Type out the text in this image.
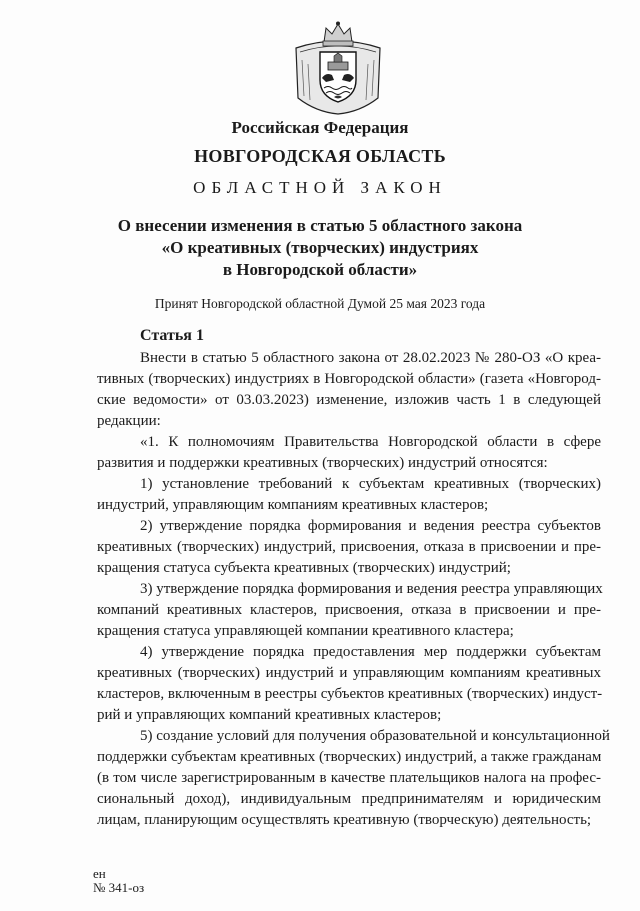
Российская Федерация
НОВГОРОДСКАЯ ОБЛАСТЬ
ОБЛАСТНОЙ ЗАКОН
О внесении изменения в статью 5 областного закона
«О креативных (творческих) индустриях
в Новгородской области»
Принят Новгородской областной Думой 25 мая 2023 года
Статья 1
Внести в статью 5 областного закона от 28.02.2023 № 280-ОЗ «О креа-
тивных (творческих) индустриях в Новгородской области» (газета «Новгород-
ские ведомости» от 03.03.2023) изменение, изложив часть 1 в следующей
редакции:
«1. К полномочиям Правительства Новгородской области в сфере
развития и поддержки креативных (творческих) индустрий относятся:
1) установление требований к субъектам креативных (творческих)
индустрий, управляющим компаниям креативных кластеров;
2) утверждение порядка формирования и ведения реестра субъектов
креативных (творческих) индустрий, присвоения, отказа в присвоении и пре-
кращения статуса субъекта креативных (творческих) индустрий;
3) утверждение порядка формирования и ведения реестра управляющих
компаний креативных кластеров, присвоения, отказа в присвоении и пре-
кращения статуса управляющей компании креативного кластера;
4) утверждение порядка предоставления мер поддержки субъектам
креативных (творческих) индустрий и управляющим компаниям креативных
кластеров, включенным в реестры субъектов креативных (творческих) индуст-
рий и управляющих компаний креативных кластеров;
5) создание условий для получения образовательной и консультационной
поддержки субъектам креативных (творческих) индустрий, а также гражданам
(в том числе зарегистрированным в качестве плательщиков налога на профес-
сиональный доход), индивидуальным предпринимателям и юридическим
лицам, планирующим осуществлять креативную (творческую) деятельность;
ен
№ 341-оз
